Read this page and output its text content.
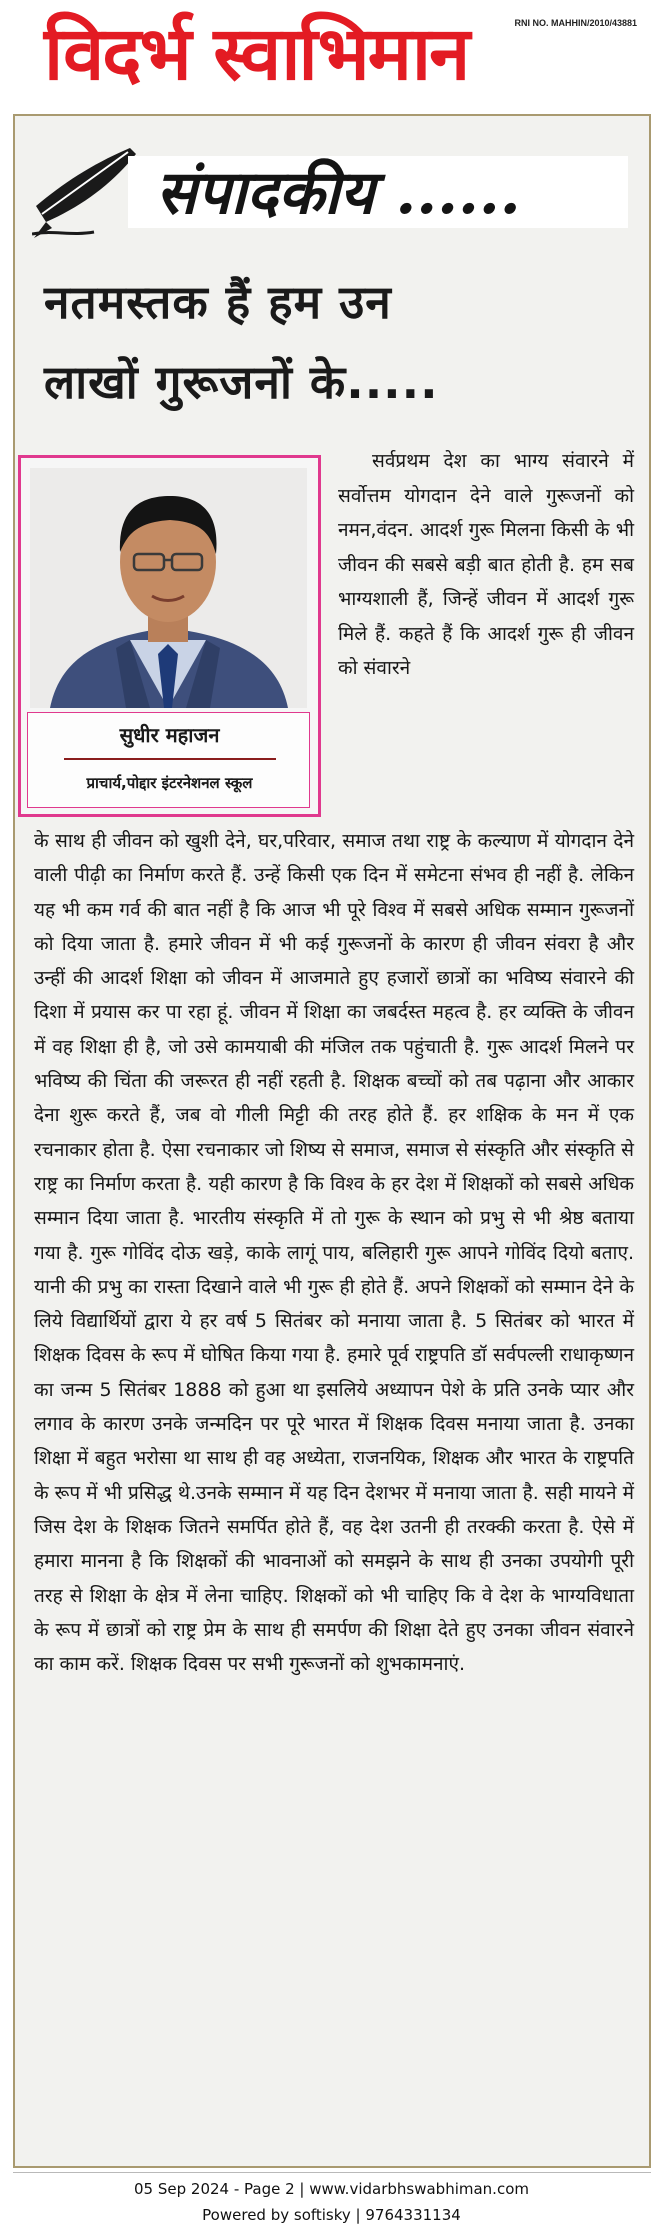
विदर्भ स्वाभिमान	RNI NO. MAHHIN/2010/43881
संपादकीय ......
नतमस्तक हैं हम उन
लाखों गुरूजनों के.....
सुधीर महाजन
प्राचार्य,पोद्दार इंटरनेशनल स्कूल

सर्वप्रथम देश का भाग्य संवारने में सर्वोत्तम योगदान देने वाले गुरूजनों को नमन,वंदन. आदर्श गुरू मिलना किसी के भी जीवन की सबसे बड़ी बात होती है. हम सब भाग्यशाली हैं, जिन्हें जीवन में आदर्श गुरू मिले हैं. कहते हैं कि आदर्श गुरू ही जीवन को संवारने

के साथ ही जीवन को खुशी देने, घर,परिवार, समाज तथा राष्ट्र के कल्याण में योगदान देने वाली पीढ़ी का निर्माण करते हैं. उन्हें किसी एक दिन में समेटना संभव ही नहीं है. लेकिन यह भी कम गर्व की बात नहीं है कि आज भी पूरे विश्व में सबसे अधिक सम्मान गुरूजनों को दिया जाता है. हमारे जीवन में भी कई गुरूजनों के कारण ही जीवन संवरा है और उन्हीं की आदर्श शिक्षा को जीवन में आजमाते हुए हजारों छात्रों का भविष्य संवारने की दिशा में प्रयास कर पा रहा हूं. जीवन में शिक्षा का जबर्दस्त महत्व है. हर व्यक्ति के जीवन में वह शिक्षा ही है, जो उसे कामयाबी की मंजिल तक पहुंचाती है. गुरू आदर्श मिलने पर भविष्य की चिंता की जरूरत ही नहीं रहती है. शिक्षक बच्चों को तब पढ़ाना और आकार देना शुरू करते हैं, जब वो गीली मिट्टी की तरह होते हैं. हर शक्षिक के मन में एक रचनाकार होता है. ऐसा रचनाकार जो शिष्य से समाज, समाज से संस्कृति और संस्कृति से राष्ट्र का निर्माण करता है. यही कारण है कि विश्व के हर देश में शिक्षकों को सबसे अधिक सम्मान दिया जाता है. भारतीय संस्कृति में तो गुरू के स्थान को प्रभु से भी श्रेष्ठ बताया गया है. गुरू गोविंद दोऊ खड़े, काके लागूं पाय, बलिहारी गुरू आपने गोविंद दियो बताए. यानी की प्रभु का रास्ता दिखाने वाले भी गुरू ही होते हैं. अपने शिक्षकों को सम्मान देने के लिये विद्यार्थियों द्वारा ये हर वर्ष 5 सितंबर को मनाया जाता है. 5 सितंबर को भारत में शिक्षक दिवस के रूप में घोषित किया गया है. हमारे पूर्व राष्ट्रपति डॉ सर्वपल्ली राधाकृष्णन का जन्म 5 सितंबर 1888 को हुआ था इसलिये अध्यापन पेशे के प्रति उनके प्यार और लगाव के कारण उनके जन्मदिन पर पूरे भारत में शिक्षक दिवस मनाया जाता है. उनका शिक्षा में बहुत भरोसा था साथ ही वह अध्येता, राजनयिक, शिक्षक और भारत के राष्ट्रपति के रूप में भी प्रसिद्ध थे.उनके सम्मान में यह दिन देशभर में मनाया जाता है. सही मायने में जिस देश के शिक्षक जितने समर्पित होते हैं, वह देश उतनी ही तरक्की करता है. ऐसे में हमारा मानना है कि शिक्षकों की भावनाओं को समझने के साथ ही उनका उपयोगी पूरी तरह से शिक्षा के क्षेत्र में लेना चाहिए. शिक्षकों को भी चाहिए कि वे देश के भाग्यविधाता के रूप में छात्रों को राष्ट्र प्रेम के साथ ही समर्पण की शिक्षा देते हुए उनका जीवन संवारने का काम करें. शिक्षक दिवस पर सभी गुरूजनों को शुभकामनाएं.

05 Sep 2024 - Page 2 | www.vidarbhswabhiman.com
Powered by softisky | 9764331134
